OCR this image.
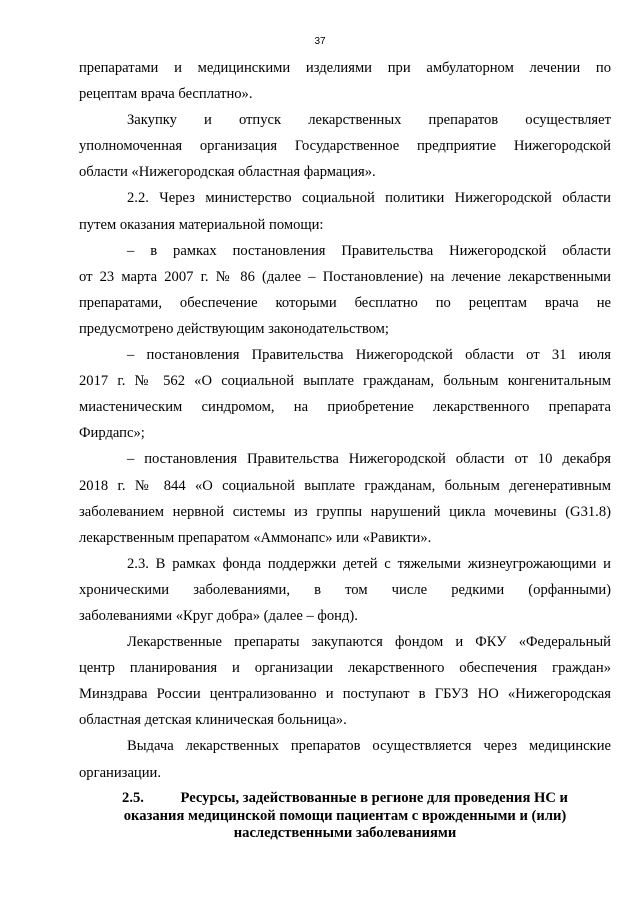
37
препаратами и медицинскими изделиями при амбулаторном лечении по
рецептам врача бесплатно».
Закупку и отпуск лекарственных препаратов осуществляет
уполномоченная организация Государственное предприятие Нижегородской
области «Нижегородская областная фармация».
2.2. Через министерство социальной политики Нижегородской области
путем оказания материальной помощи:
– в рамках постановления Правительства Нижегородской области
от 23 марта 2007 г. № 86 (далее – Постановление) на лечение лекарственными
препаратами, обеспечение которыми бесплатно по рецептам врача не
предусмотрено действующим законодательством;
– постановления Правительства Нижегородской области от 31 июля
2017 г. № 562 «О социальной выплате гражданам, больным конгенитальным
миастеническим синдромом, на приобретение лекарственного препарата
Фирдапс»;
– постановления Правительства Нижегородской области от 10 декабря
2018 г. № 844 «О социальной выплате гражданам, больным дегенеративным
заболеванием нервной системы из группы нарушений цикла мочевины (G31.8)
лекарственным препаратом «Аммонапс» или «Равикти».
2.3. В рамках фонда поддержки детей с тяжелыми жизнеугрожающими и
хроническими заболеваниями, в том числе редкими (орфанными)
заболеваниями «Круг добра» (далее – фонд).
Лекарственные препараты закупаются фондом и ФКУ «Федеральный
центр планирования и организации лекарственного обеспечения граждан»
Минздрава России централизованно и поступают в ГБУЗ НО «Нижегородская
областная детская клиническая больница».
Выдача лекарственных препаратов осуществляется через медицинские
организации.
2.5.	Ресурсы, задействованные в регионе для проведения НС и
оказания медицинской помощи пациентам с врожденными и (или)
наследственными заболеваниями
